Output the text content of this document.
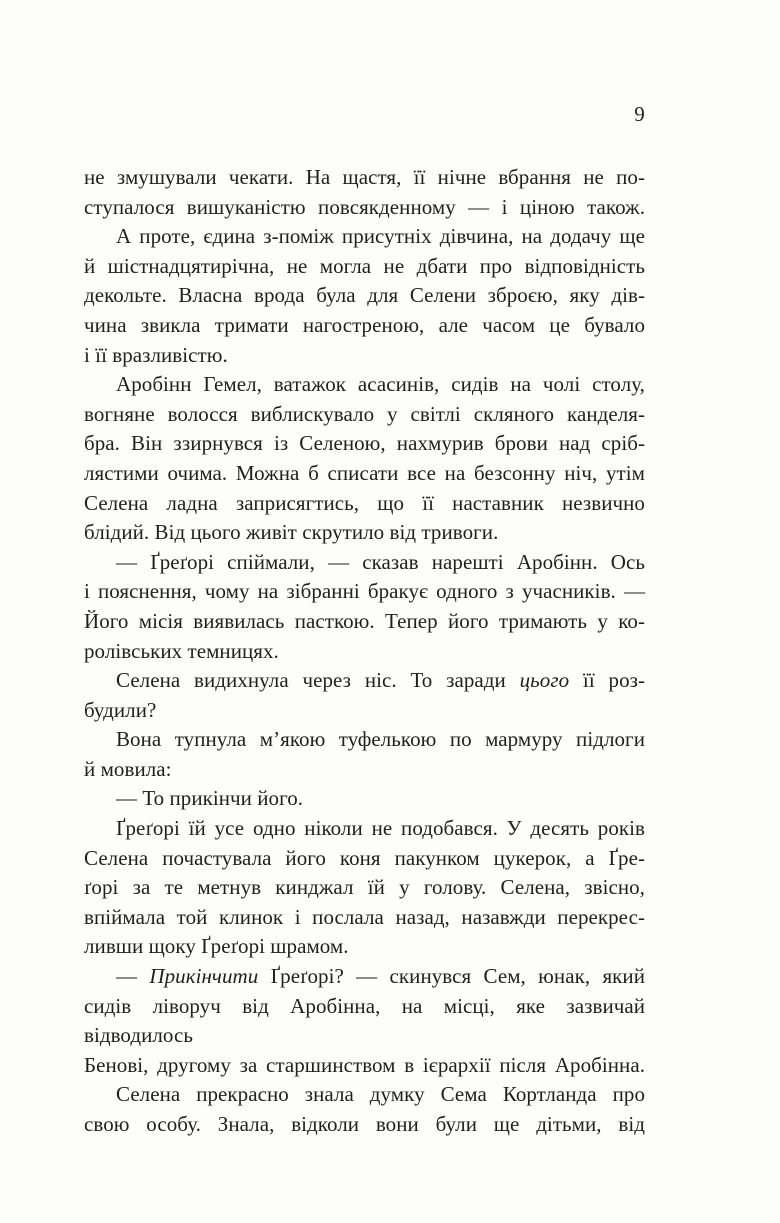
9
не змушували чекати. На щастя, її нічне вбрання не по-
ступалося вишуканістю повсякденному — і ціною також.
А проте, єдина з-поміж присутніх дівчина, на додачу ще
й шістнадцятирічна, не могла не дбати про відповідність
декольте. Власна врода була для Селени зброєю, яку дів-
чина звикла тримати нагостреною, але часом це бувало
і її вразливістю.
Аробінн Гемел, ватажок асасинів, сидів на чолі столу,
вогняне волосся виблискувало у світлі скляного канделя-
бра. Він ззирнувся із Селеною, нахмурив брови над сріб-
лястими очима. Можна б списати все на безсонну ніч, утім
Селена ладна заприсягтись, що її наставник незвично
блідий. Від цього живіт скрутило від тривоги.
— Ґреґорі спіймали, — сказав нарешті Аробінн. Ось
і пояснення, чому на зібранні бракує одного з учасників. —
Його місія виявилась пасткою. Тепер його тримають у ко-
ролівських темницях.
Селена видихнула через ніс. То заради цього її роз-
будили?
Вона тупнула м’якою туфелькою по мармуру підлоги
й мовила:
— То прикінчи його.
Ґреґорі їй усе одно ніколи не подобався. У десять років
Селена почастувала його коня пакунком цукерок, а Ґре-
ґорі за те метнув кинджал їй у голову. Селена, звісно,
впіймала той клинок і послала назад, назавжди перекрес-
ливши щоку Ґреґорі шрамом.
— Прикінчити Ґреґорі? — скинувся Сем, юнак, який
сидів ліворуч від Аробінна, на місці, яке зазвичай відводилось
Бенові, другому за старшинством в ієрархії після Аробінна.
Селена прекрасно знала думку Сема Кортланда про
свою особу. Знала, відколи вони були ще дітьми, від
